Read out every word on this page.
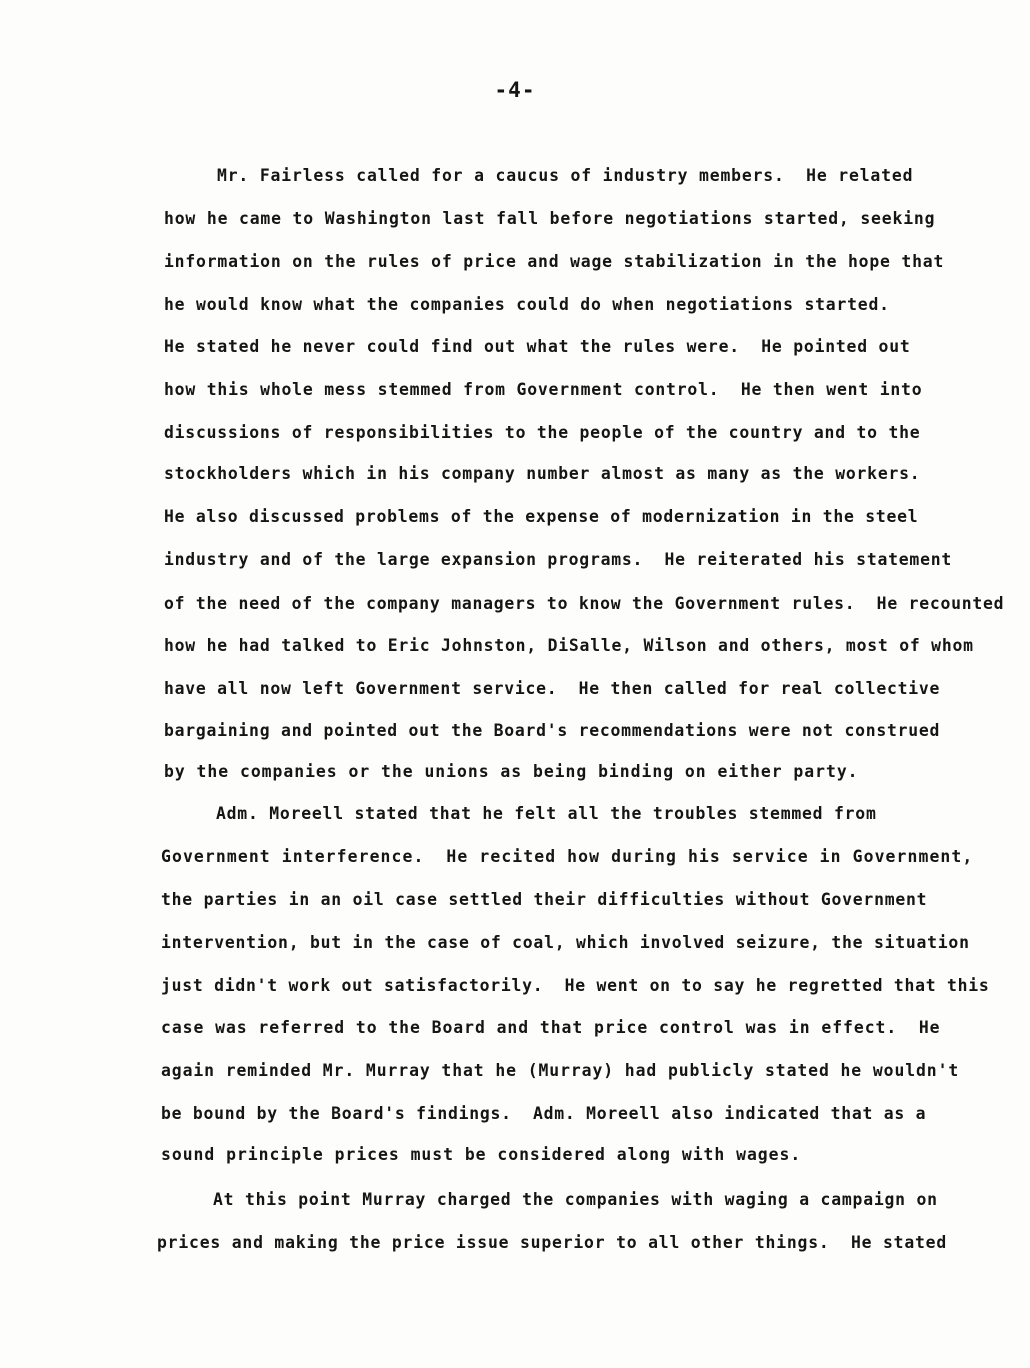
-4-
Mr. Fairless called for a caucus of industry members.  He related
how he came to Washington last fall before negotiations started, seeking
information on the rules of price and wage stabilization in the hope that
he would know what the companies could do when negotiations started.
He stated he never could find out what the rules were.  He pointed out
how this whole mess stemmed from Government control.  He then went into
discussions of responsibilities to the people of the country and to the
stockholders which in his company number almost as many as the workers.
He also discussed problems of the expense of modernization in the steel
industry and of the large expansion programs.  He reiterated his statement
of the need of the company managers to know the Government rules.  He recounted
how he had talked to Eric Johnston, DiSalle, Wilson and others, most of whom
have all now left Government service.  He then called for real collective
bargaining and pointed out the Board's recommendations were not construed
by the companies or the unions as being binding on either party.
Adm. Moreell stated that he felt all the troubles stemmed from
Government interference.  He recited how during his service in Government,
the parties in an oil case settled their difficulties without Government
intervention, but in the case of coal, which involved seizure, the situation
just didn't work out satisfactorily.  He went on to say he regretted that this
case was referred to the Board and that price control was in effect.  He
again reminded Mr. Murray that he (Murray) had publicly stated he wouldn't
be bound by the Board's findings.  Adm. Moreell also indicated that as a
sound principle prices must be considered along with wages.
At this point Murray charged the companies with waging a campaign on
prices and making the price issue superior to all other things.  He stated
